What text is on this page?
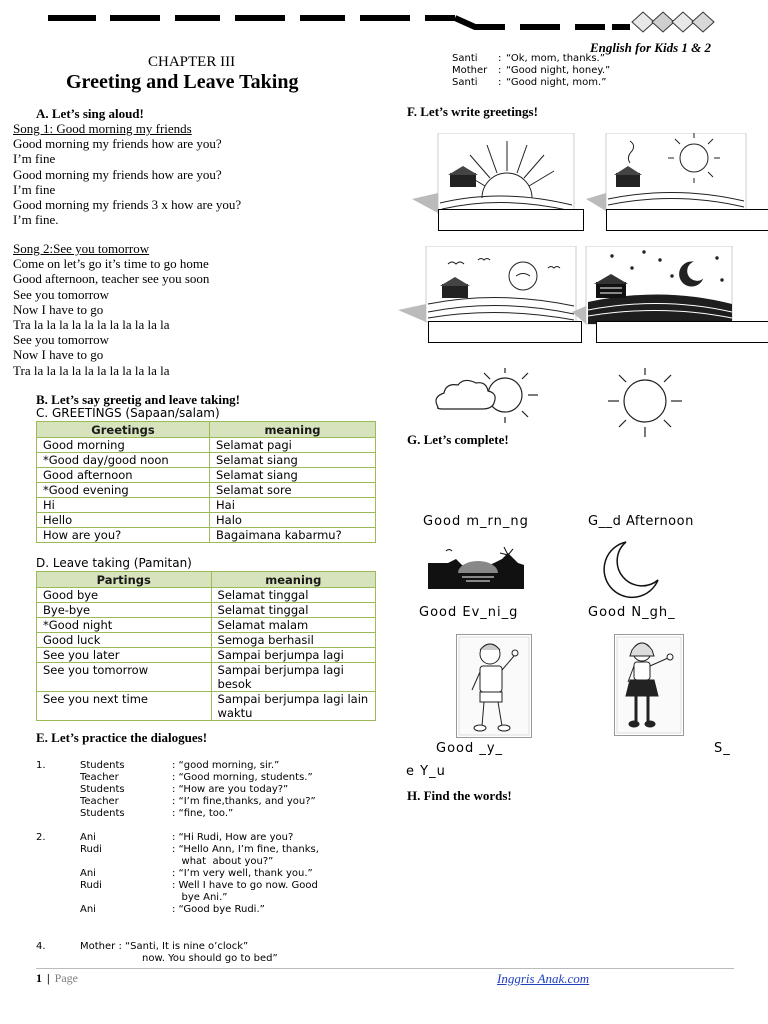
English for Kids 1 & 2
CHAPTER III
Greeting and Leave Taking
Santi : “Ok, mom, thanks.”
Mother : “Good night, honey.”
Santi : “Good night, mom.”
A. Let’s sing aloud!
Song 1: Good morning my friends
Good morning my friends how are you?
I’m fine
Good morning my friends how are you?
I’m fine
Good morning my friends 3 x how are you?
I’m fine.
Song 2:See you tomorrow
Come on let’s go it’s time to go home
Good afternoon, teacher see you soon
See you tomorrow
Now I have to go
Tra la la la la la la la la la la la
See you tomorrow
Now I have to go
Tra la la la la la la la la la la la
B. Let’s say greetig and leave taking!
C. GREETINGS (Sapaan/salam)
Greetings	meaning
Good morning	Selamat pagi
*Good day/good noon	Selamat siang
Good afternoon	Selamat siang
*Good evening	Selamat sore
Hi	Hai
Hello	Halo
How are you?	Bagaimana kabarmu?
D. Leave taking (Pamitan)
Partings	meaning
Good bye	Selamat tinggal
Bye-bye	Selamat tinggal
*Good night	Selamat malam
Good luck	Semoga berhasil
See you later	Sampai berjumpa lagi
See you tomorrow	Sampai berjumpa lagi besok
See you next time	Sampai berjumpa lagi lain waktu
E. Let’s practice the dialogues!
1.	Students	: “good morning, sir.”
Teacher	: “Good morning, students.”
Students	: “How are you today?”
Teacher	: “I’m fine,thanks, and you?”
Students	: “fine, too.”
2.	Ani	: “Hi Rudi, How are you?
Rudi	: “Hello Ann, I’m fine, thanks,
what  about you?”
Ani	: “I’m very well, thank you.”
Rudi	: Well I have to go now. Good
bye Ani.”
Ani	: “Good bye Rudi.”
4.	Mother : “Santi, It is nine o’clock”
now. You should go to bed”
F. Let’s write greetings!
G. Let’s complete!
Good m_rn_ng	G__d Afternoon
Good Ev_ni_g	Good N_gh_
Good _y_	S_
e Y_u
H. Find the words!
1 | Page	Inggris Anak.com
